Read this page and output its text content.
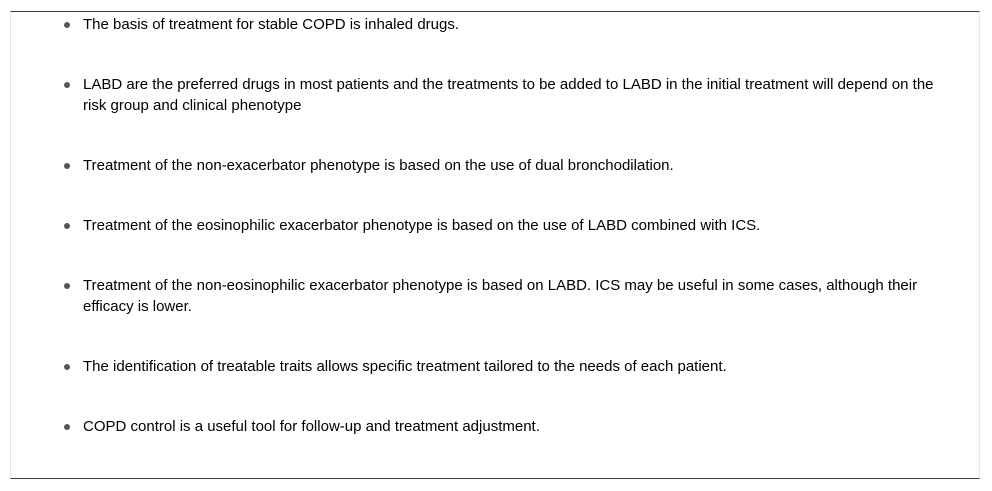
The basis of treatment for stable COPD is inhaled drugs.
LABD are the preferred drugs in most patients and the treatments to be added to LABD in the initial treatment will depend on the risk group and clinical phenotype
Treatment of the non-exacerbator phenotype is based on the use of dual bronchodilation.
Treatment of the eosinophilic exacerbator phenotype is based on the use of LABD combined with ICS.
Treatment of the non-eosinophilic exacerbator phenotype is based on LABD. ICS may be useful in some cases, although their efficacy is lower.
The identification of treatable traits allows specific treatment tailored to the needs of each patient.
COPD control is a useful tool for follow-up and treatment adjustment.
